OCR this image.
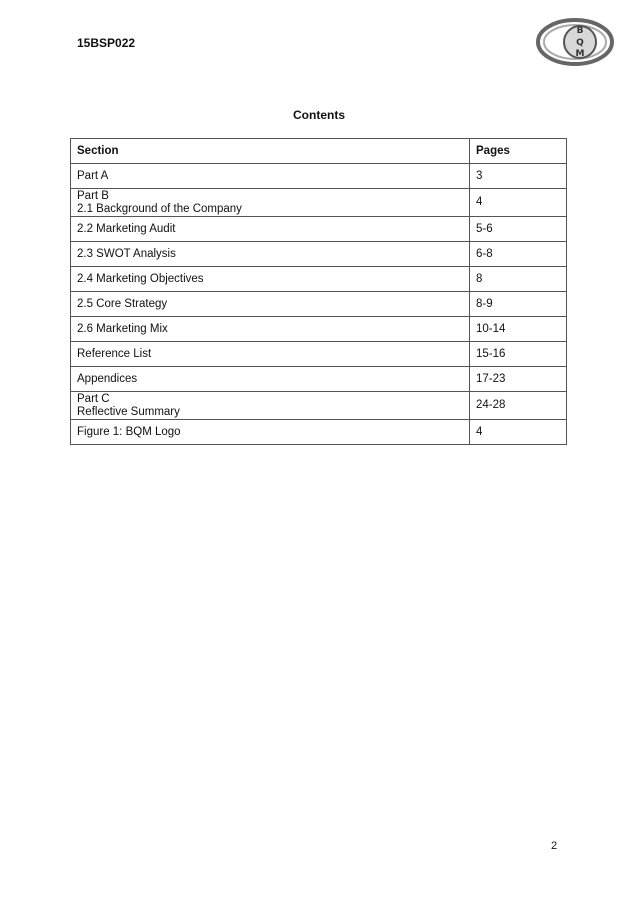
15BSP022
B
Q
M
Contents
Section	Pages

Part A	3

Part B
2.1 Background of the Company	4

2.2 Marketing Audit	5-6

2.3 SWOT Analysis	6-8

2.4 Marketing Objectives	8

2.5 Core Strategy	8-9

2.6 Marketing Mix	10-14

Reference List	15-16

Appendices	17-23

Part C
Reflective Summary	24-28

Figure 1: BQM Logo	4
2
